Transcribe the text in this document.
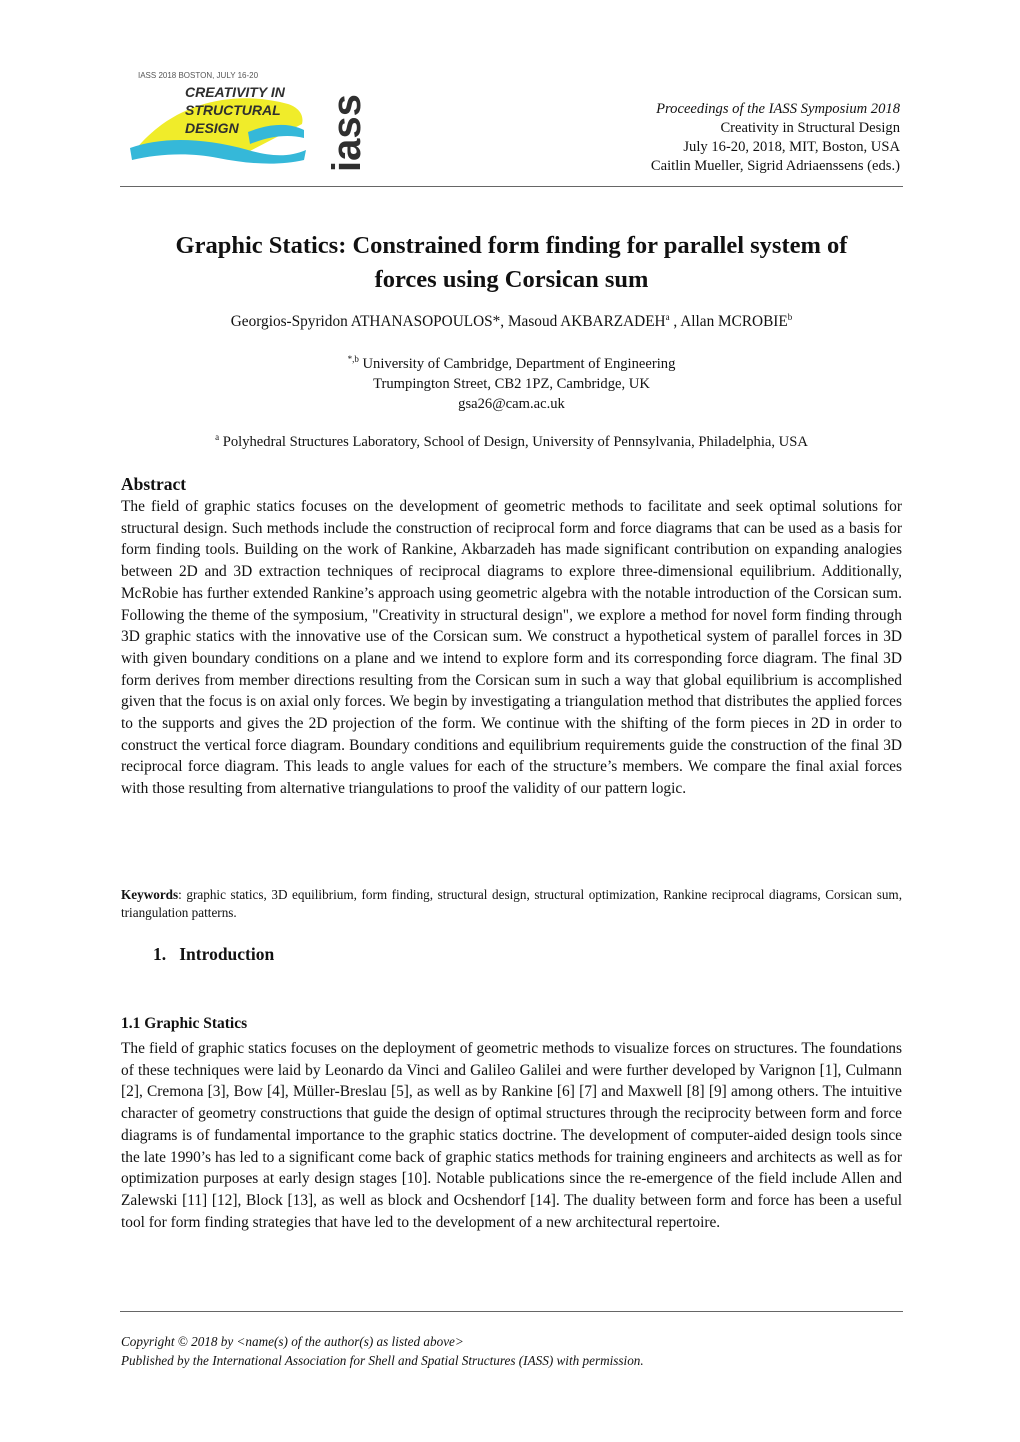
IASS 2018 BOSTON, JULY 16-20
CREATIVITY IN
STRUCTURAL
DESIGN iass	Proceedings of the IASS Symposium 2018
Creativity in Structural Design
July 16-20, 2018, MIT, Boston, USA
Caitlin Mueller, Sigrid Adriaenssens (eds.)
Graphic Statics: Constrained form finding for parallel system of
forces using Corsican sum
Georgios-Spyridon ATHANASOPOULOS*, Masoud AKBARZADEH$^a$ , Allan MCROBIE$^b$
$^{*,b}$ University of Cambridge, Department of Engineering
Trumpington Street, CB2 1PZ, Cambridge, UK
gsa26@cam.ac.uk
$^a$ Polyhedral Structures Laboratory, School of Design, University of Pennsylvania, Philadelphia, USA
Abstract

The field of graphic statics focuses on the development of geometric methods to facilitate and seek optimal solutions for structural design. Such methods include the construction of reciprocal form and force diagrams that can be used as a basis for form finding tools. Building on the work of Rankine, Akbarzadeh has made significant contribution on expanding analogies between 2D and 3D extraction techniques of reciprocal diagrams to explore three-dimensional equilibrium. Additionally, McRobie has further extended Rankine’s approach using geometric algebra with the notable introduction of the Corsican sum. Following the theme of the symposium, "Creativity in structural design", we explore a method for novel form finding through 3D graphic statics with the innovative use of the Corsican sum. We construct a hypothetical system of parallel forces in 3D with given boundary conditions on a plane and we intend to explore form and its corresponding force diagram. The final 3D form derives from member directions resulting from the Corsican sum in such a way that global equilibrium is accomplished given that the focus is on axial only forces. We begin by investigating a triangulation method that distributes the applied forces to the supports and gives the 2D projection of the form. We continue with the shifting of the form pieces in 2D in order to construct the vertical force diagram. Boundary conditions and equilibrium requirements guide the construction of the final 3D reciprocal force diagram. This leads to angle values for each of the structure’s members. We compare the final axial forces with those resulting from alternative triangulations to proof the validity of our pattern logic.

Keywords: graphic statics, 3D equilibrium, form finding, structural design, structural optimization, Rankine reciprocal diagrams, Corsican sum, triangulation patterns.
1.   Introduction
1.1 Graphic Statics

The field of graphic statics focuses on the deployment of geometric methods to visualize forces on structures. The foundations of these techniques were laid by Leonardo da Vinci and Galileo Galilei and were further developed by Varignon [1], Culmann [2], Cremona [3], Bow [4], Müller-Breslau [5], as well as by Rankine [6] [7] and Maxwell [8] [9] among others. The intuitive character of geometry constructions that guide the design of optimal structures through the reciprocity between form and force diagrams is of fundamental importance to the graphic statics doctrine. The development of computer-aided design tools since the late 1990’s has led to a significant come back of graphic statics methods for training engineers and architects as well as for optimization purposes at early design stages [10]. Notable publications since the re-emergence of the field include Allen and Zalewski [11] [12], Block [13], as well as block and Ocshendorf [14]. The duality between form and force has been a useful tool for form finding strategies that have led to the development of a new architectural repertoire.

Copyright © 2018 by <name(s) of the author(s) as listed above>
Published by the International Association for Shell and Spatial Structures (IASS) with permission.
